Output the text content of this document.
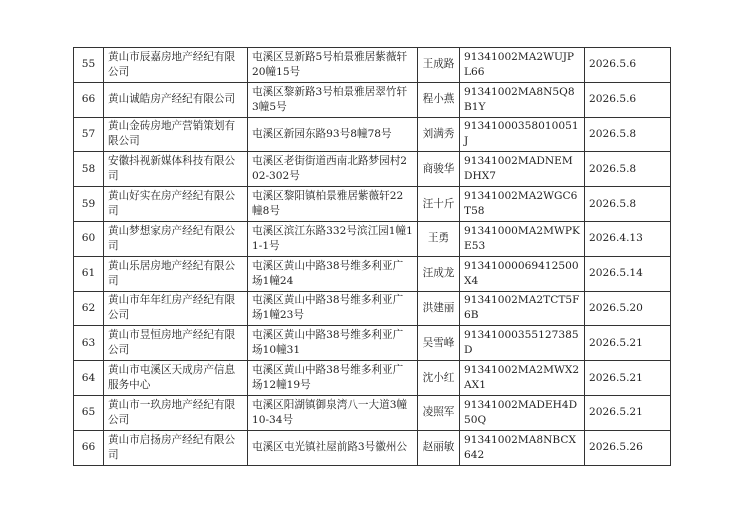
55	黄山市辰嘉房地产经纪有限公司	屯溪区昱新路5号柏景雅居紫薇轩20幢15号	王成路	91341002MA2WUJPL66	2026.5.6
66	黄山诚皓房产经纪有限公司	屯溪区黎新路3号柏景雅居翠竹轩3幢5号	程小燕	91341002MA8N5Q8B1Y	2026.5.6
57	黄山金砖房地产营销策划有限公司	屯溪区新园东路93号8幢78号	刘满秀	91341000358010051J	2026.5.8
58	安徽抖视新媒体科技有限公司	屯溪区老街街道西南北路梦园村202-302号	商骏华	91341002MADNEMDHX7	2026.5.8
59	黄山好实在房产经纪有限公司	屯溪区黎阳镇柏景雅居紫薇轩22幢8号	汪十斤	91341002MA2WGC6T58	2026.5.8
60	黄山梦想家房产经纪有限公司	屯溪区滨江东路332号滨江园1幢11-1号	王勇	91341000MA2MWPKE53	2026.4.13
61	黄山乐居房地产经纪有限公司	屯溪区黄山中路38号维多利亚广场1幢24	汪成龙	91341000069412500X4	2026.5.14
62	黄山市年年红房产经纪有限公司	屯溪区黄山中路38号维多利亚广场1幢23号	洪建丽	91341002MA2TCT5F6B	2026.5.20
63	黄山市昱恒房地产经纪有限公司	屯溪区黄山中路38号维多利亚广场10幢31	吴雪峰	91341000355127385D	2026.5.21
64	黄山市屯溪区天成房产信息服务中心	屯溪区黄山中路38号维多利亚广场12幢19号	沈小红	91341002MA2MWX2AX1	2026.5.21
65	黄山市一玖房地产经纪有限公司	屯溪区阳湖镇御泉湾八一大道3幢10-34号	凌照军	91341002MADEH4D50Q	2026.5.21
66	黄山市启扬房产经纪有限公司	屯溪区屯光镇社屋前路3号徽州公	赵丽敏	91341002MA8NBCX642	2026.5.26
